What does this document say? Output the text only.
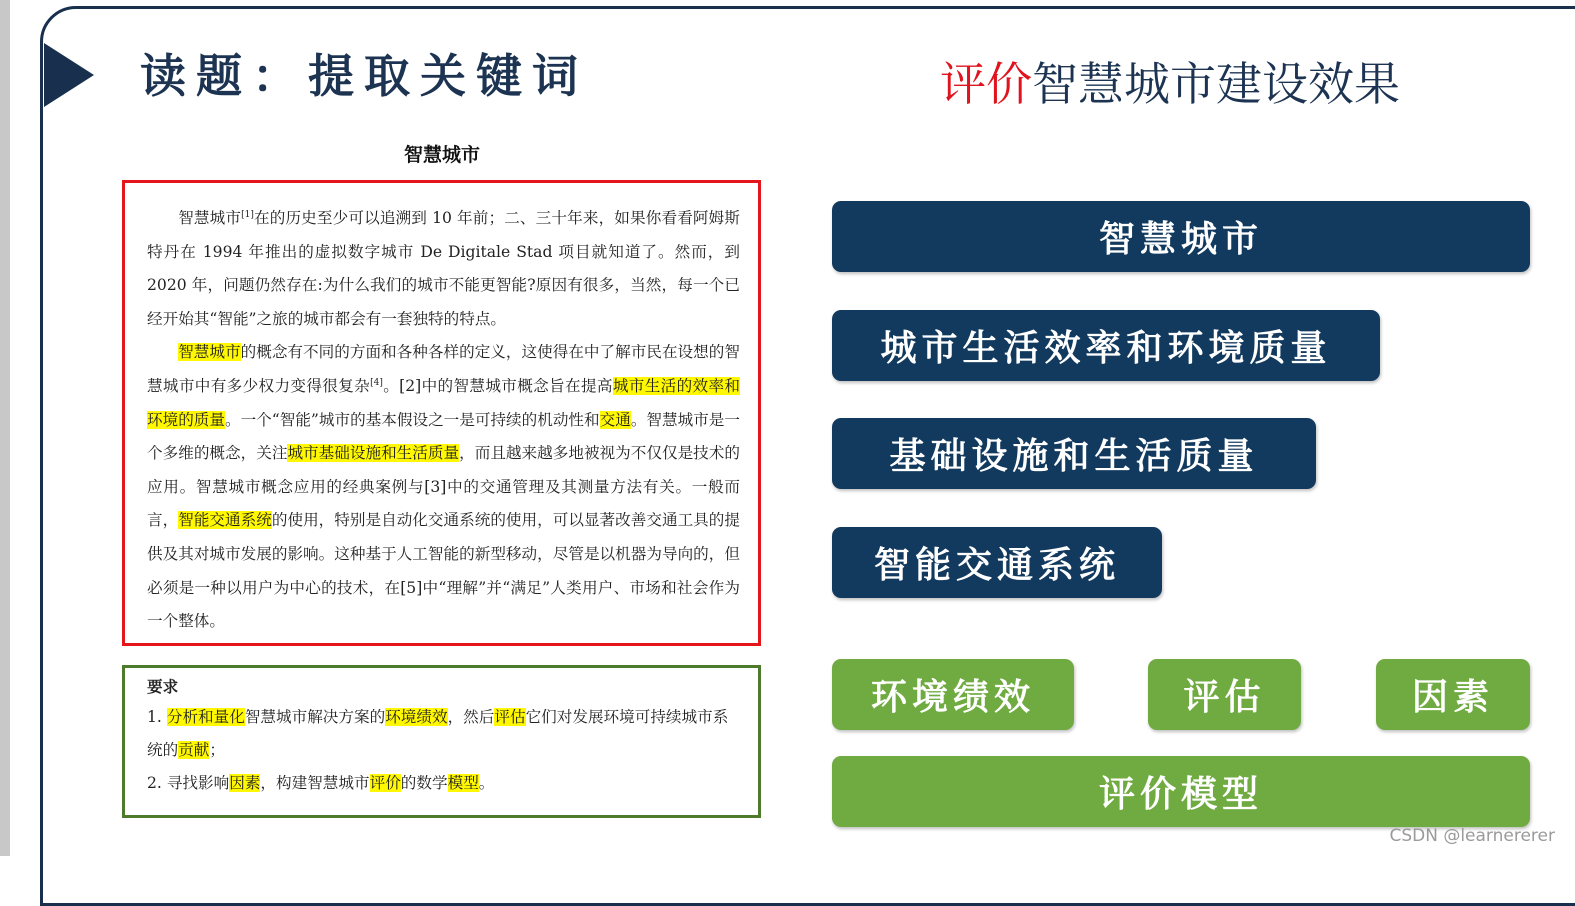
读题：提取关键词	评价智慧城市建设效果
智慧城市

智慧城市[1]在的历史至少可以追溯到 10 年前；二、三十年来，如果你看看阿姆斯特丹在 1994 年推出的虚拟数字城市 De Digitale Stad 项目就知道了。然而，到 2020 年，问题仍然存在:为什么我们的城市不能更智能?原因有很多，当然，每一个已经开始其“智能”之旅的城市都会有一套独特的特点。

智慧城市的概念有不同的方面和各种各样的定义，这使得在中了解市民在设想的智慧城市中有多少权力变得很复杂[4]。[2]中的智慧城市概念旨在提高城市生活的效率和环境的质量。一个“智能”城市的基本假设之一是可持续的机动性和交通。智慧城市是一个多维的概念，关注城市基础设施和生活质量，而且越来越多地被视为不仅仅是技术的应用。智慧城市概念应用的经典案例与[3]中的交通管理及其测量方法有关。一般而言，智能交通系统的使用，特别是自动化交通系统的使用，可以显著改善交通工具的提供及其对城市发展的影响。这种基于人工智能的新型移动，尽管是以机器为导向的，但必须是一种以用户为中心的技术，在[5]中“理解”并“满足”人类用户、市场和社会作为一个整体。

要求
1. 分析和量化智慧城市解决方案的环境绩效，然后评估它们对发展环境可持续城市系统的贡献；
2. 寻找影响因素，构建智慧城市评价的数学模型。
智慧城市
城市生活效率和环境质量
基础设施和生活质量
智能交通系统
环境绩效	评估	因素
评价模型
CSDN @learnererer
